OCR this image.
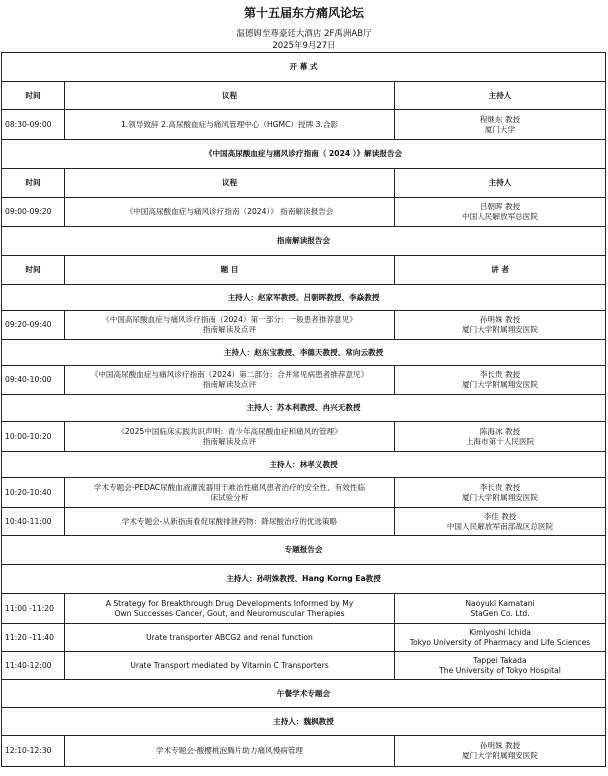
第十五届东方痛风论坛
温德姆至尊豪廷大酒店 2F禹洲AB厅
2025年9月27日
开 幕 式		
时间	议程	主持人
08:30-09:00	1.领导致辞 2.高尿酸血症与痛风管理中心（HGMC）授牌 3.合影	程继东 教授
厦门大学

《中国高尿酸血症与痛风诊疗指南（ 2024 ）》解读报告会		
时间	议程	主持人
09:00-09:20	《中国高尿酸血症与痛风诊疗指南（2024）》 指南解读报告会	吕朝晖 教授
中国人民解放军总医院

指南解读报告会		
时间	题 目	讲 者
主持人：赵家军教授、吕朝晖教授、李焱教授		
09:20-09:40	《中国高尿酸血症与痛风诊疗指南（2024）第一部分：一般患者推荐意见》
指南解读及点评	孙明姝 教授
厦门大学附属翔安医院

主持人：赵东宝教授、李德天教授、常向云教授		
09:40-10:00	《中国高尿酸血症与痛风诊疗指南（2024）第二部分：合并常见病患者推荐意见》
指南解读及点评	李长贵 教授
厦门大学附属翔安医院

主持人：苏本利教授、冉兴无教授		
10:00-10:20	《2025中国临床实践共识声明：青少年高尿酸血症和痛风的管理》
指南解读及点评	陈海冰 教授
上海市第十人民医院

主持人：林孝义教授		
10:20-10:40	学术专题会-PEDAC尿酸血液灌流器用于难治性痛风患者治疗的安全性、有效性临
床试验分析	李长贵 教授
厦门大学附属翔安医院

10:40-11:00	学术专题会-从新指南看促尿酸排泄药物：降尿酸治疗的优选策略	李佳 教授
中国人民解放军南部战区总医院

专题报告会		
主持人：孙明姝教授、Hang Korng Ea教授		
11:00 -11:20	A Strategy for Breakthrough Drug Developments Informed by My
Own Successes Cancer, Gout, and Neuromuscular Therapies	Naoyuki Kamatani
StaGen Co. Ltd.

11:20 -11:40	Urate transporter ABCG2 and renal function	Kimiyoshi Ichida
Tokyo University of Pharmacy and Life Sciences

11:40-12:00	Urate Transport mediated by Vitamin C Transporters	Tappei Takada
The University of Tokyo Hospital

午餐学术专题会		
主持人：魏枫教授		
12:10-12:30	学术专题会-酸樱桃泡腾片助力痛风慢病管理	孙明姝 教授
厦门大学附属翔安医院
